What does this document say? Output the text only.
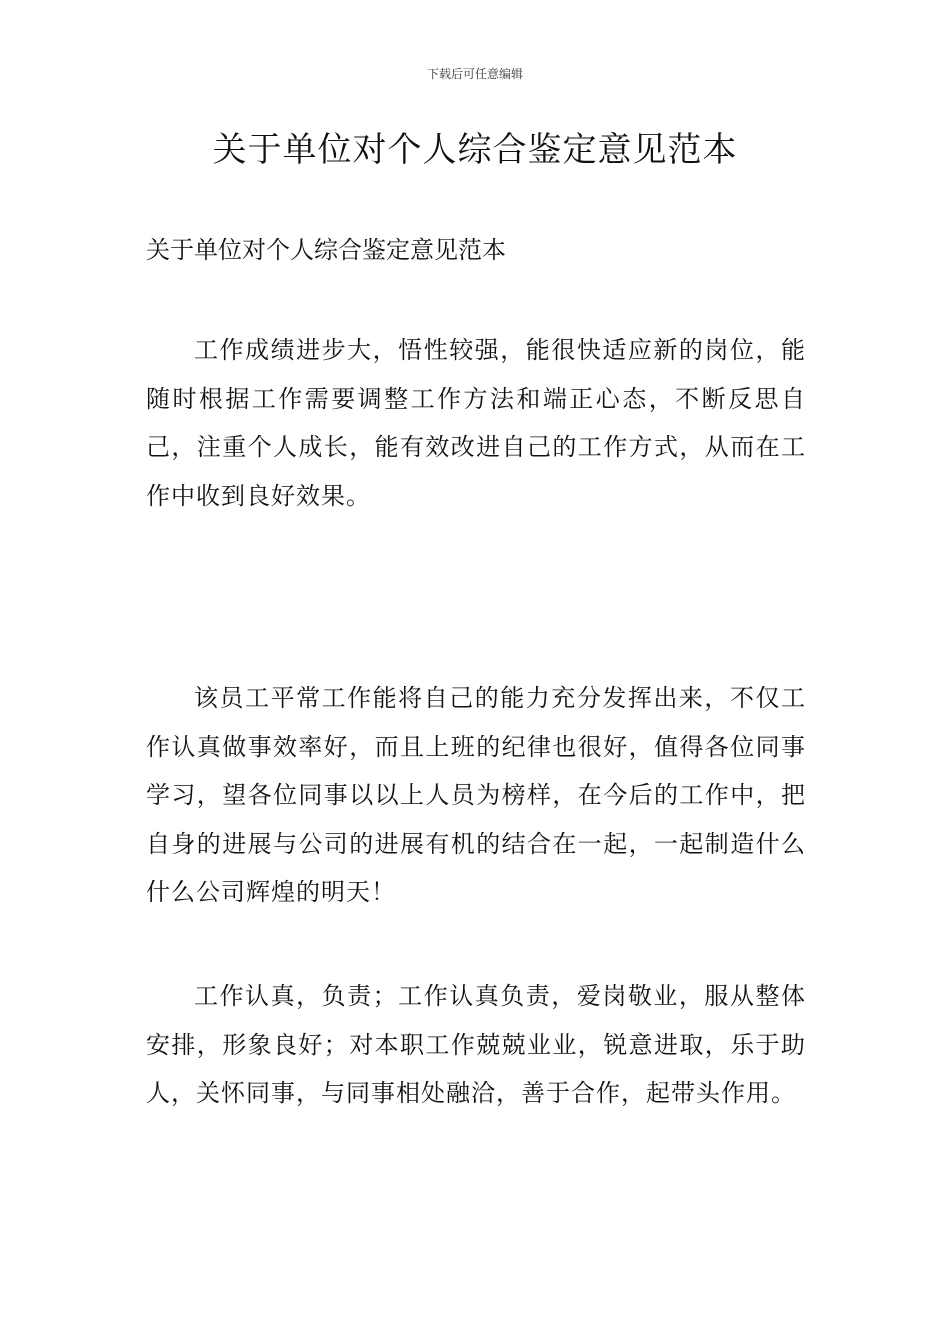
下载后可任意编辑
关于单位对个人综合鉴定意见范本

关于单位对个人综合鉴定意见范本

工作成绩进步大，悟性较强，能很快适应新的岗位，能随时根据工作需要调整工作方法和端正心态，不断反思自己，注重个人成长，能有效改进自己的工作方式，从而在工作中收到良好效果。

该员工平常工作能将自己的能力充分发挥出来，不仅工作认真做事效率好，而且上班的纪律也很好，值得各位同事学习，望各位同事以以上人员为榜样，在今后的工作中，把自身的进展与公司的进展有机的结合在一起，一起制造什么什么公司辉煌的明天！

工作认真，负责；工作认真负责，爱岗敬业，服从整体安排，形象良好；对本职工作兢兢业业，锐意进取，乐于助人，关怀同事，与同事相处融洽，善于合作，起带头作用。
